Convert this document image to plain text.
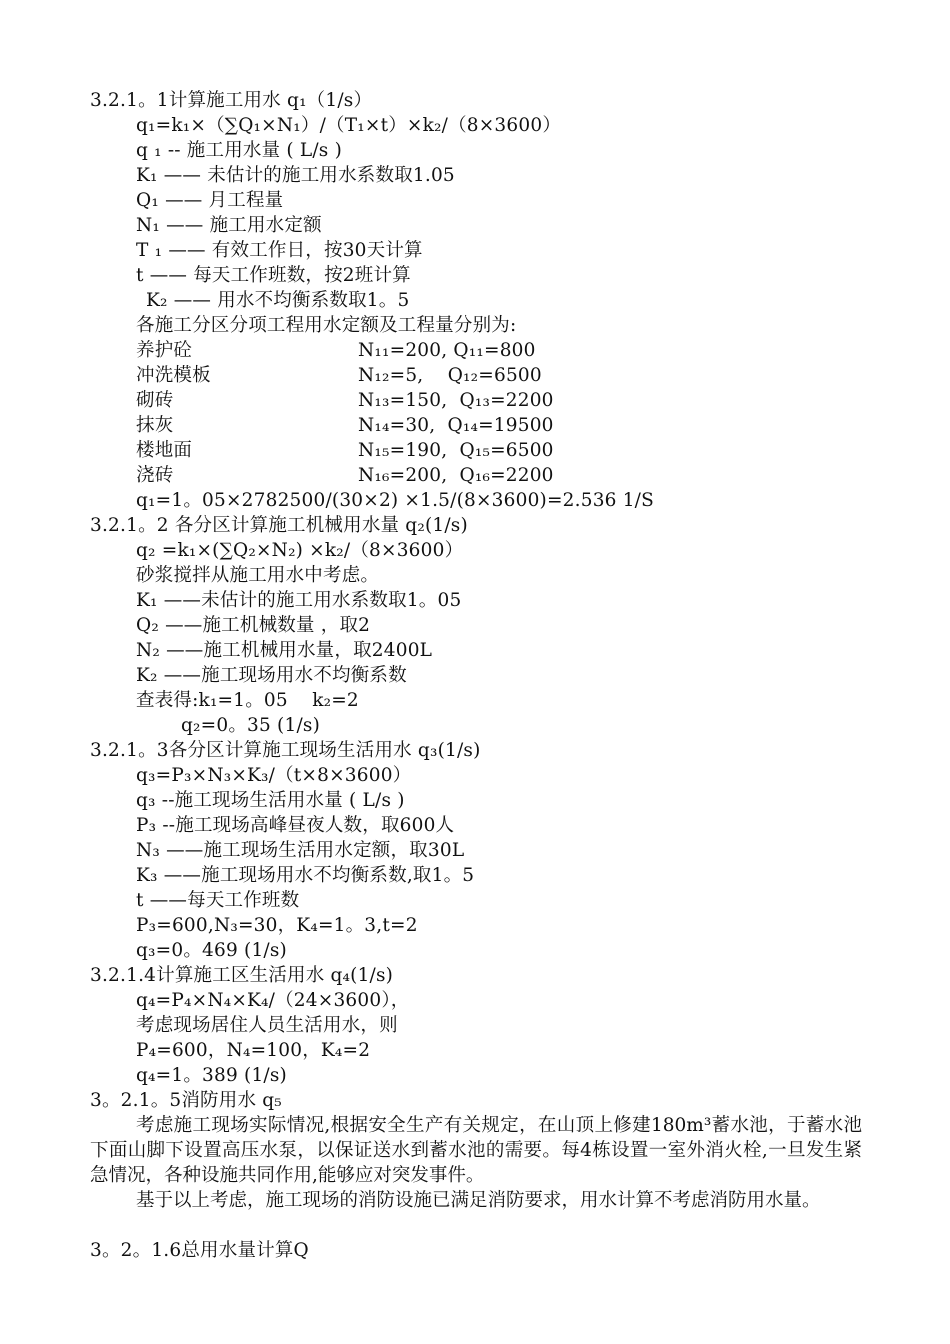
3.2.1。1计算施工用水 q₁（1/s）
q₁=k₁×（∑Q₁×N₁）/（T₁×t）×k₂/（8×3600）
q ₁ -- 施工用水量 ( L/s )
K₁ —— 未估计的施工用水系数取1.05
Q₁ —— 月工程量
N₁ —— 施工用水定额
T ₁ —— 有效工作日，按30天计算
t —— 每天工作班数，按2班计算
K₂ —— 用水不均衡系数取1。5
各施工分区分项工程用水定额及工程量分别为:
养护砼	N₁₁=200, Q₁₁=800
冲洗模板	N₁₂=5,    Q₁₂=6500
砌砖	N₁₃=150,  Q₁₃=2200
抹灰	N₁₄=30,  Q₁₄=19500
楼地面	N₁₅=190,  Q₁₅=6500
浇砖	N₁₆=200,  Q₁₆=2200
q₁=1。05×2782500/(30×2) ×1.5/(8×3600)=2.536 1/S
3.2.1。2 各分区计算施工机械用水量 q₂(1/s)
q₂ =k₁×(∑Q₂×N₂) ×k₂/（8×3600）
砂浆搅拌从施工用水中考虑。
K₁ ——未估计的施工用水系数取1。05
Q₂ ——施工机械数量 ，取2
N₂ ——施工机械用水量，取2400L
K₂ ——施工现场用水不均衡系数
查表得:k₁=1。05    k₂=2
q₂=0。35 (1/s)
3.2.1。3各分区计算施工现场生活用水 q₃(1/s)
q₃=P₃×N₃×K₃/（t×8×3600）
q₃ --施工现场生活用水量 ( L/s )
P₃ --施工现场高峰昼夜人数，取600人
N₃ ——施工现场生活用水定额，取30L
K₃ ——施工现场用水不均衡系数,取1。5
t ——每天工作班数
P₃=600,N₃=30，K₄=1。3,t=2
q₃=0。469 (1/s)
3.2.1.4计算施工区生活用水 q₄(1/s)
q₄=P₄×N₄×K₄/（24×3600），
考虑现场居住人员生活用水，则
P₄=600，N₄=100，K₄=2
q₄=1。389 (1/s)
3。2.1。5消防用水 q₅
考虑施工现场实际情况,根据安全生产有关规定，在山顶上修建180m³蓄水池，于蓄水池下面山脚下设置高压水泵，以保证送水到蓄水池的需要。每4栋设置一室外消火栓,一旦发生紧急情况，各种设施共同作用,能够应对突发事件。
基于以上考虑，施工现场的消防设施已满足消防要求，用水计算不考虑消防用水量。
3。2。1.6总用水量计算Q
